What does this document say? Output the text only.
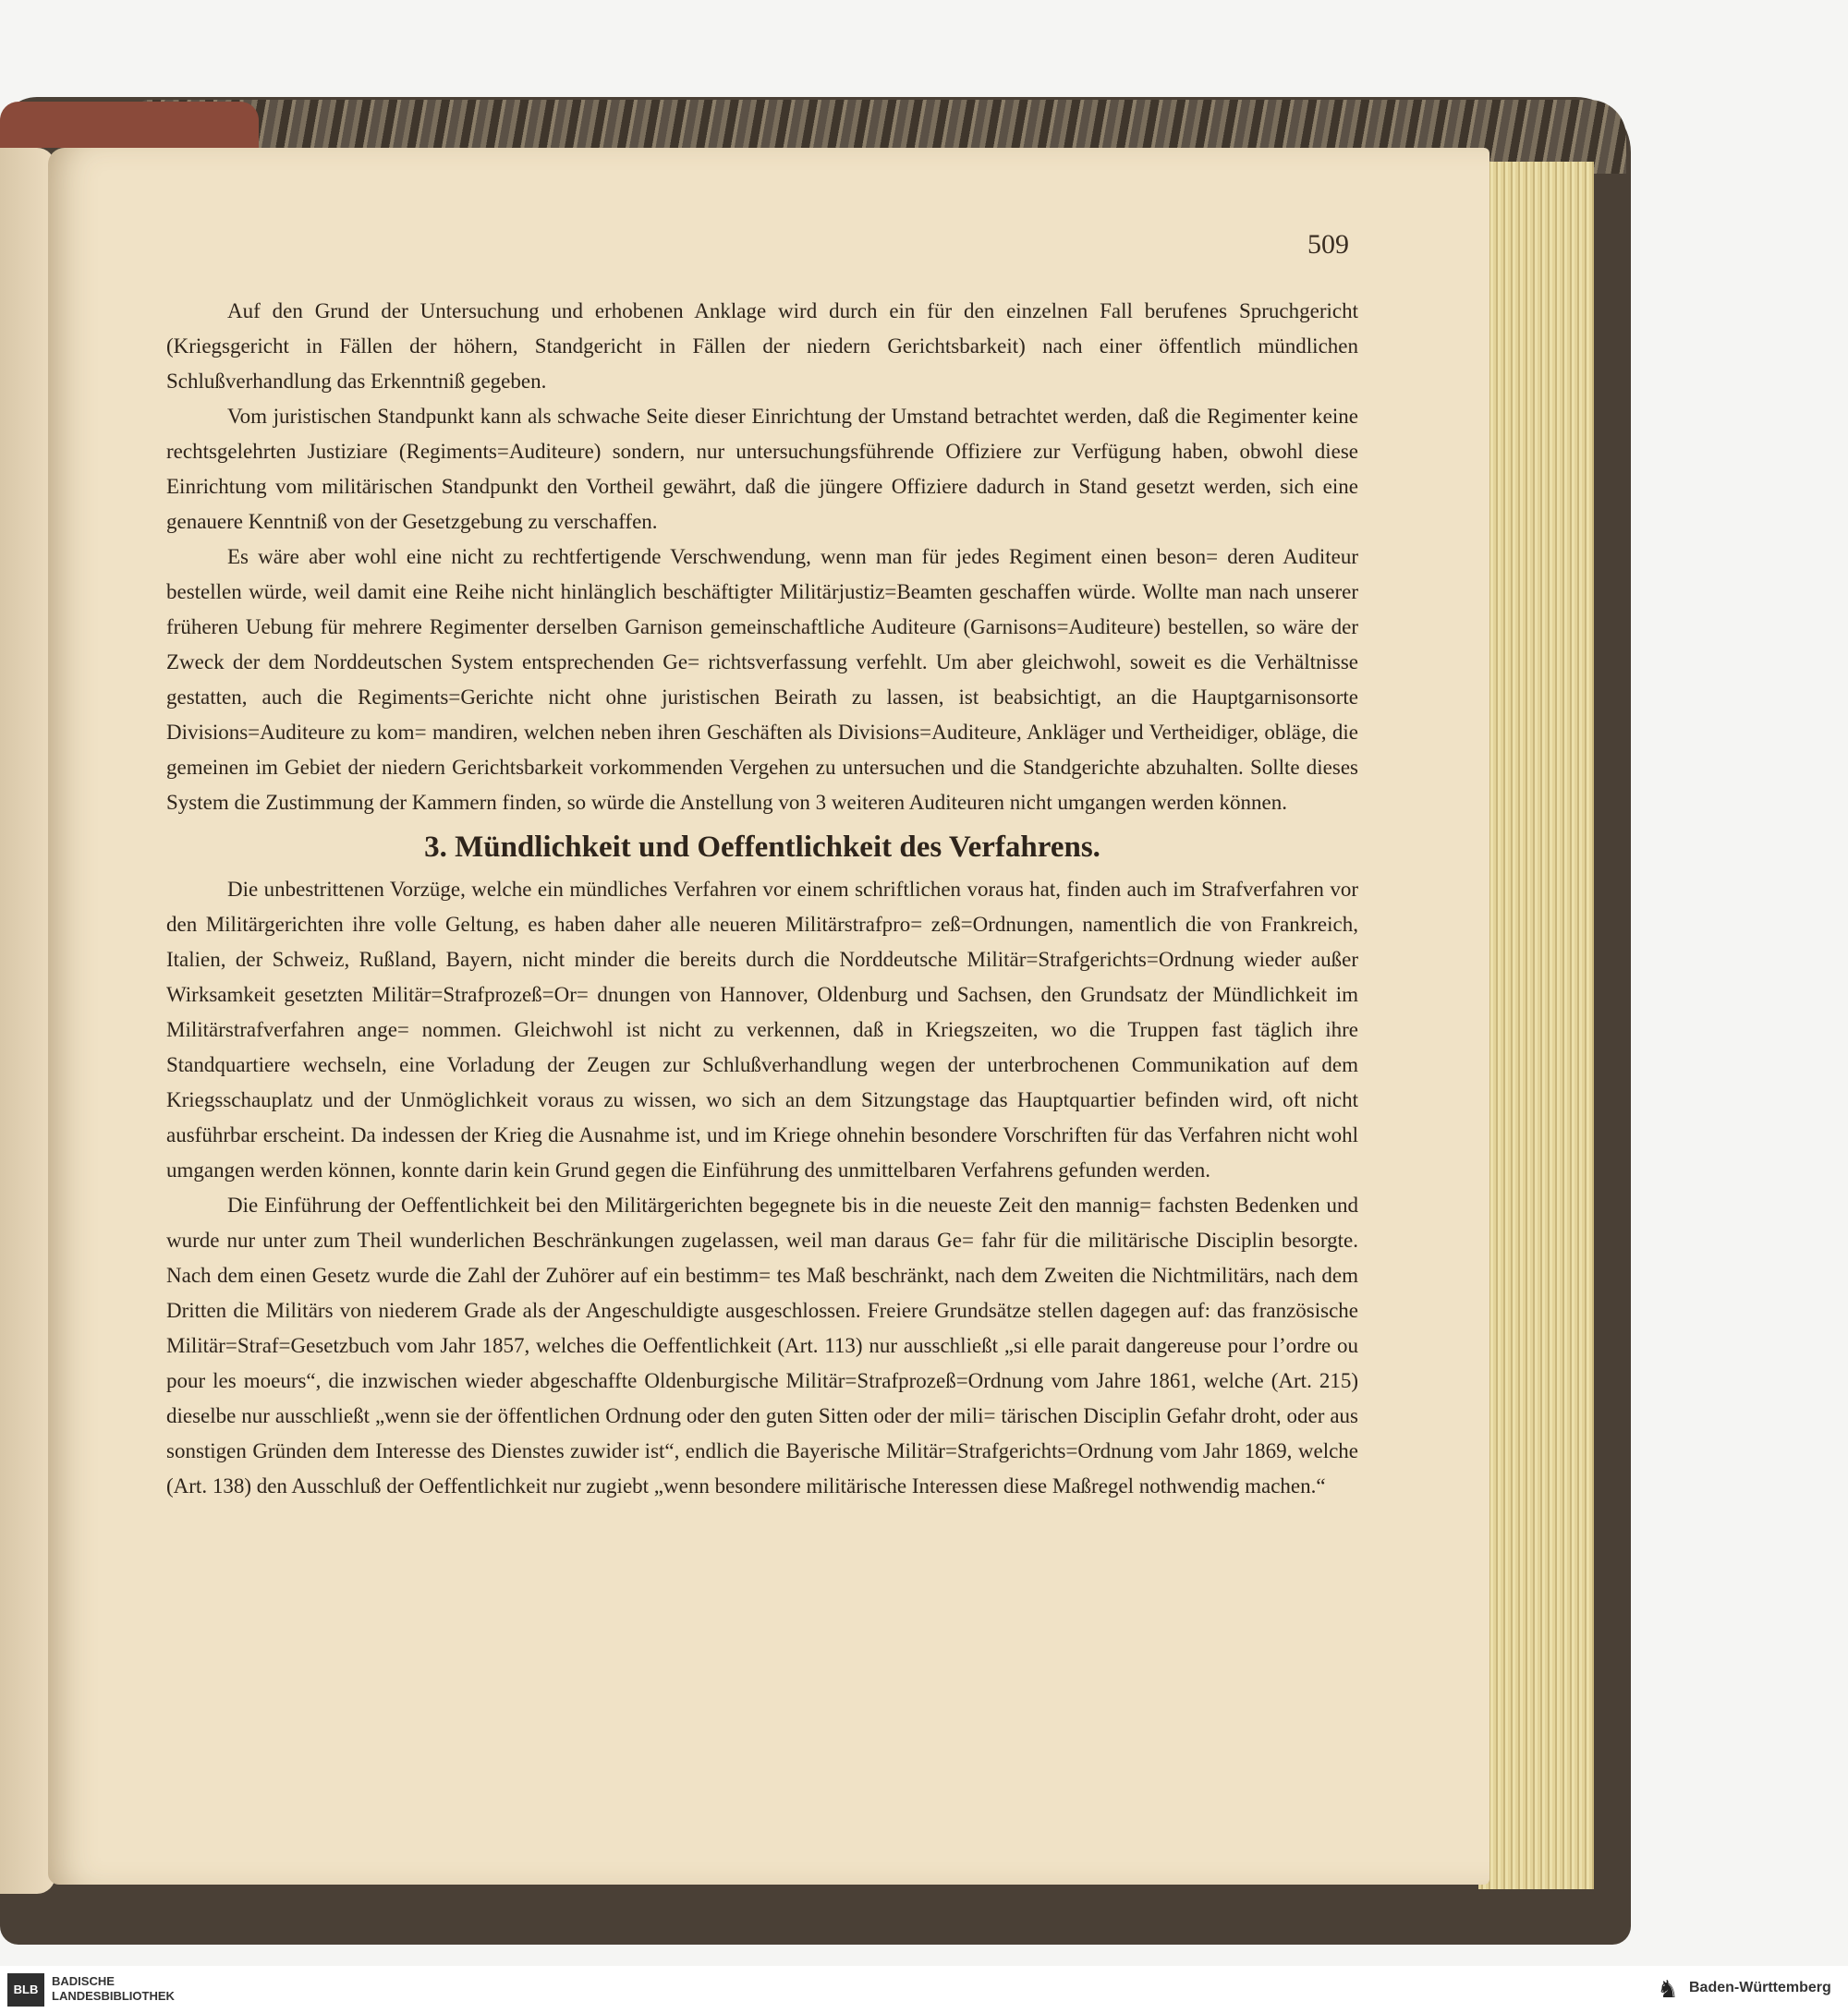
509

Auf den Grund der Untersuchung und erhobenen Anklage wird durch ein für den einzelnen Fall berufenes Spruchgericht (Kriegsgericht in Fällen der höhern, Standgericht in Fällen der niedern Gerichtsbarkeit) nach einer öffentlich mündlichen Schlußverhandlung das Erkenntniß gegeben.

Vom juristischen Standpunkt kann als schwache Seite dieser Einrichtung der Umstand betrachtet werden, daß die Regimenter keine rechtsgelehrten Justiziare (Regiments=Auditeure) sondern, nur untersuchungsführende Offiziere zur Verfügung haben, obwohl diese Einrichtung vom militärischen Standpunkt den Vortheil gewährt, daß die jüngere Offiziere dadurch in Stand gesetzt werden, sich eine genauere Kenntniß von der Gesetzgebung zu verschaffen.

Es wäre aber wohl eine nicht zu rechtfertigende Verschwendung, wenn man für jedes Regiment einen beson= deren Auditeur bestellen würde, weil damit eine Reihe nicht hinlänglich beschäftigter Militärjustiz=Beamten geschaffen würde. Wollte man nach unserer früheren Uebung für mehrere Regimenter derselben Garnison gemeinschaftliche Auditeure (Garnisons=Auditeure) bestellen, so wäre der Zweck der dem Norddeutschen System entsprechenden Ge= richtsverfassung verfehlt. Um aber gleichwohl, soweit es die Verhältnisse gestatten, auch die Regiments=Gerichte nicht ohne juristischen Beirath zu lassen, ist beabsichtigt, an die Hauptgarnisonsorte Divisions=Auditeure zu kom= mandiren, welchen neben ihren Geschäften als Divisions=Auditeure, Ankläger und Vertheidiger, obläge, die gemeinen im Gebiet der niedern Gerichtsbarkeit vorkommenden Vergehen zu untersuchen und die Standgerichte abzuhalten. Sollte dieses System die Zustimmung der Kammern finden, so würde die Anstellung von 3 weiteren Auditeuren nicht umgangen werden können.

3. Mündlichkeit und Oeffentlichkeit des Verfahrens.

Die unbestrittenen Vorzüge, welche ein mündliches Verfahren vor einem schriftlichen voraus hat, finden auch im Strafverfahren vor den Militärgerichten ihre volle Geltung, es haben daher alle neueren Militärstrafpro= zeß=Ordnungen, namentlich die von Frankreich, Italien, der Schweiz, Rußland, Bayern, nicht minder die bereits durch die Norddeutsche Militär=Strafgerichts=Ordnung wieder außer Wirksamkeit gesetzten Militär=Strafprozeß=Or= dnungen von Hannover, Oldenburg und Sachsen, den Grundsatz der Mündlichkeit im Militärstrafverfahren ange= nommen. Gleichwohl ist nicht zu verkennen, daß in Kriegszeiten, wo die Truppen fast täglich ihre Standquartiere wechseln, eine Vorladung der Zeugen zur Schlußverhandlung wegen der unterbrochenen Communikation auf dem Kriegsschauplatz und der Unmöglichkeit voraus zu wissen, wo sich an dem Sitzungstage das Hauptquartier befinden wird, oft nicht ausführbar erscheint. Da indessen der Krieg die Ausnahme ist, und im Kriege ohnehin besondere Vorschriften für das Verfahren nicht wohl umgangen werden können, konnte darin kein Grund gegen die Einführung des unmittelbaren Verfahrens gefunden werden.

Die Einführung der Oeffentlichkeit bei den Militärgerichten begegnete bis in die neueste Zeit den mannig= fachsten Bedenken und wurde nur unter zum Theil wunderlichen Beschränkungen zugelassen, weil man daraus Ge= fahr für die militärische Disciplin besorgte. Nach dem einen Gesetz wurde die Zahl der Zuhörer auf ein bestimm= tes Maß beschränkt, nach dem Zweiten die Nichtmilitärs, nach dem Dritten die Militärs von niederem Grade als der Angeschuldigte ausgeschlossen. Freiere Grundsätze stellen dagegen auf: das französische Militär=Straf=Gesetzbuch vom Jahr 1857, welches die Oeffentlichkeit (Art. 113) nur ausschließt „si elle parait dangereuse pour l’ordre ou pour les moeurs“, die inzwischen wieder abgeschaffte Oldenburgische Militär=Strafprozeß=Ordnung vom Jahre 1861, welche (Art. 215) dieselbe nur ausschließt „wenn sie der öffentlichen Ordnung oder den guten Sitten oder der mili= tärischen Disciplin Gefahr droht, oder aus sonstigen Gründen dem Interesse des Dienstes zuwider ist“, endlich die Bayerische Militär=Strafgerichts=Ordnung vom Jahr 1869, welche (Art. 138) den Ausschluß der Oeffentlichkeit nur zugiebt „wenn besondere militärische Interessen diese Maßregel nothwendig machen.“

BLB
BADISCHE
LANDESBIBLIOTHEK	♞ Baden-Württemberg
